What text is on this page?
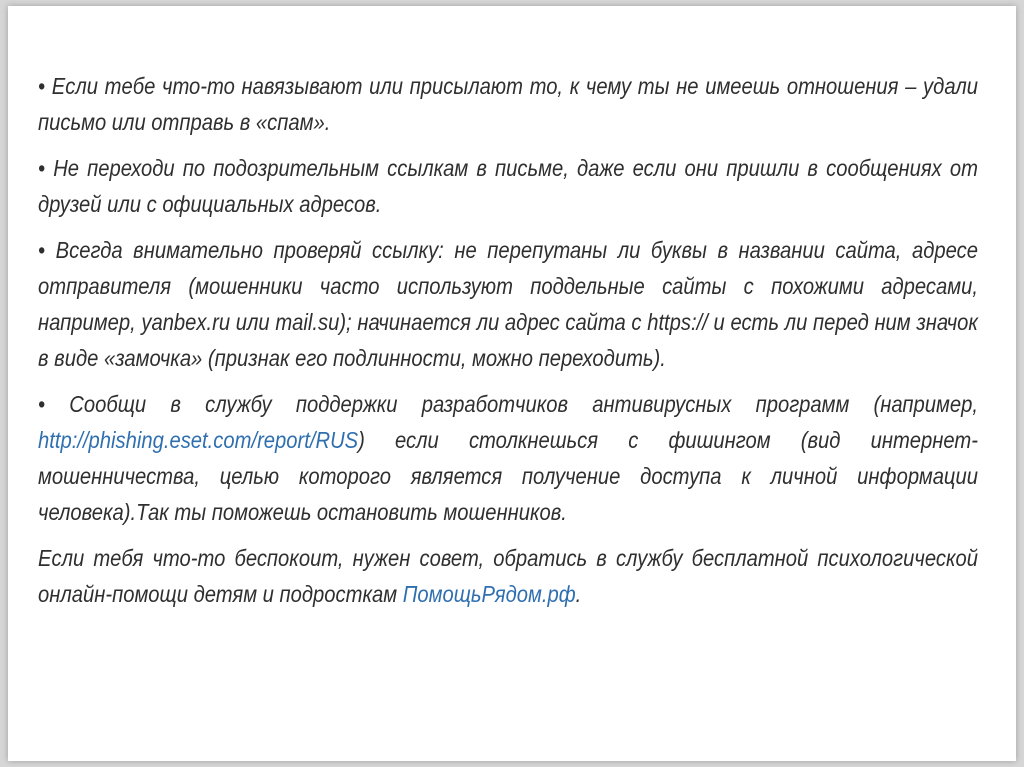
• Если тебе что-то навязывают или присылают то, к чему ты не имеешь отношения – удали письмо или отправь в «спам».

• Не переходи по подозрительным ссылкам в письме, даже если они пришли в сообщениях от друзей или с официальных адресов.

• Всегда внимательно проверяй ссылку: не перепутаны ли буквы в названии сайта, адресе отправителя (мошенники часто используют поддельные сайты с похожими адресами, например, yanbex.ru или mail.su); начинается ли адрес сайта с https:// и есть ли перед ним значок в виде «замочка» (признак его подлинности, можно переходить).

• Сообщи в службу поддержки разработчиков антивирусных программ (например, http://phishing.eset.com/report/RUS) если столкнешься с фишингом (вид интернет-мошенничества, целью которого является получение доступа к личной информации человека).Так ты поможешь остановить мошенников.

Если тебя что-то беспокоит, нужен совет, обратись в службу бесплатной психологической онлайн-помощи детям и подросткам ПомощьРядом.рф.
